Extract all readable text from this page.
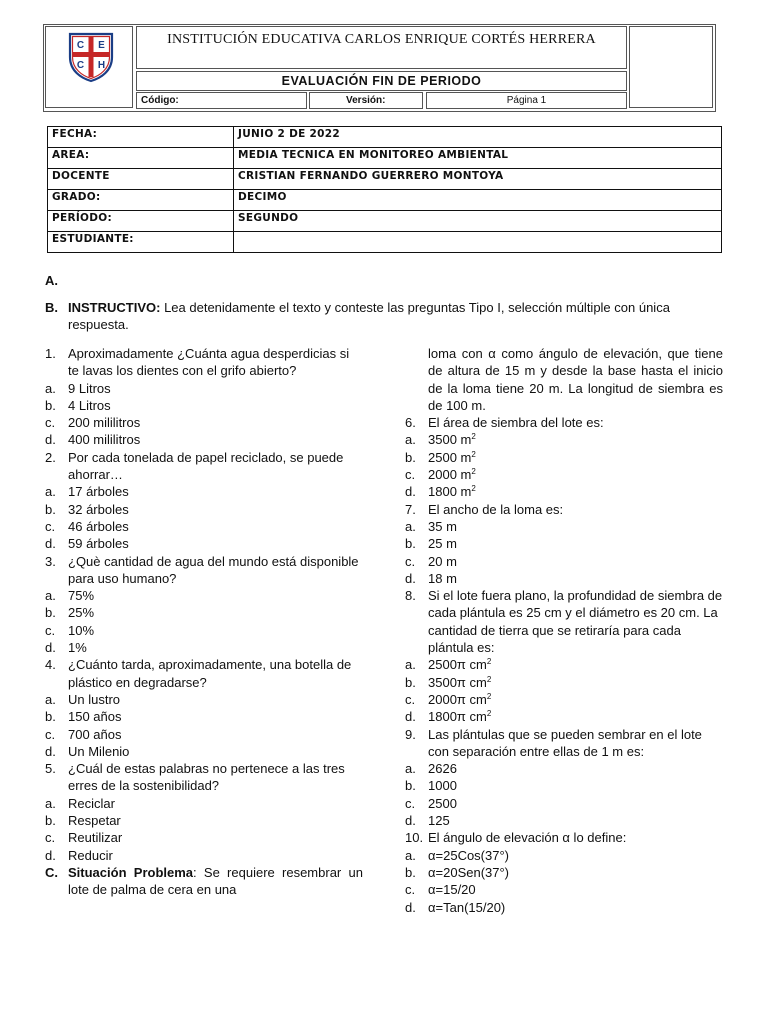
C E
C H
INSTITUCIÓN EDUCATIVA CARLOS ENRIQUE CORTÉS HERRERA
EVALUACIÓN FIN DE PERIODO
Código:	Versión:	Página 1
FECHA:	JUNIO 2 DE 2022
AREA:	MEDIA TECNICA EN MONITOREO AMBIENTAL
DOCENTE	CRISTIAN FERNANDO GUERRERO MONTOYA
GRADO:	DECIMO
PERÍODO:	SEGUNDO
ESTUDIANTE:	
A.
B. INSTRUCTIVO: Lea detenidamente el texto y conteste las preguntas Tipo I, selección múltiple con única respuesta.
1. Aproximadamente ¿Cuánta agua desperdicias si te lavas los dientes con el grifo abierto?
a. 9 Litros
b. 4 Litros
c. 200 mililitros
d. 400 mililitros
2. Por cada tonelada de papel reciclado, se puede ahorrar…
a. 17 árboles
b. 32 árboles
c. 46 árboles
d. 59 árboles
3. ¿Què cantidad de agua del mundo está disponible para uso humano?
a. 75%
b. 25%
c. 10%
d. 1%
4. ¿Cuánto tarda, aproximadamente, una botella de plástico en degradarse?
a. Un lustro
b. 150 años
c. 700 años
d. Un Milenio
5. ¿Cuál de estas palabras no pertenece a las tres erres de la sostenibilidad?
a. Reciclar
b. Respetar
c. Reutilizar
d. Reducir
C. Situación Problema: Se requiere resembrar un lote de palma de cera en una
loma con α como ángulo de elevación, que tiene de altura de 15 m y desde la base hasta el inicio de la loma tiene 20 m. La longitud de siembra es de 100 m.
6. El área de siembra del lote es:
a. 3500 $m^2$
b. 2500 $m^2$
c. 2000 $m^2$
d. 1800 $m^2$
7. El ancho de la loma es:
a. 35 m
b. 25 m
c. 20 m
d. 18 m
8. Si el lote fuera plano, la profundidad de siembra de cada plántula es 25 cm y el diámetro es 20 cm. La cantidad de tierra que se retiraría para cada plántula es:
a. 2500π $cm^2$
b. 3500π $cm^2$
c. 2000π $cm^2$
d. 1800π $cm^2$
9. Las plántulas que se pueden sembrar en el lote con separación entre ellas de 1 m es:
a. 2626
b. 1000
c. 2500
d. 125
10. El ángulo de elevación α lo define:
a. α=25Cos(37°)
b. α=20Sen(37°)
c. α=15/20
d. α=Tan(15/20)
